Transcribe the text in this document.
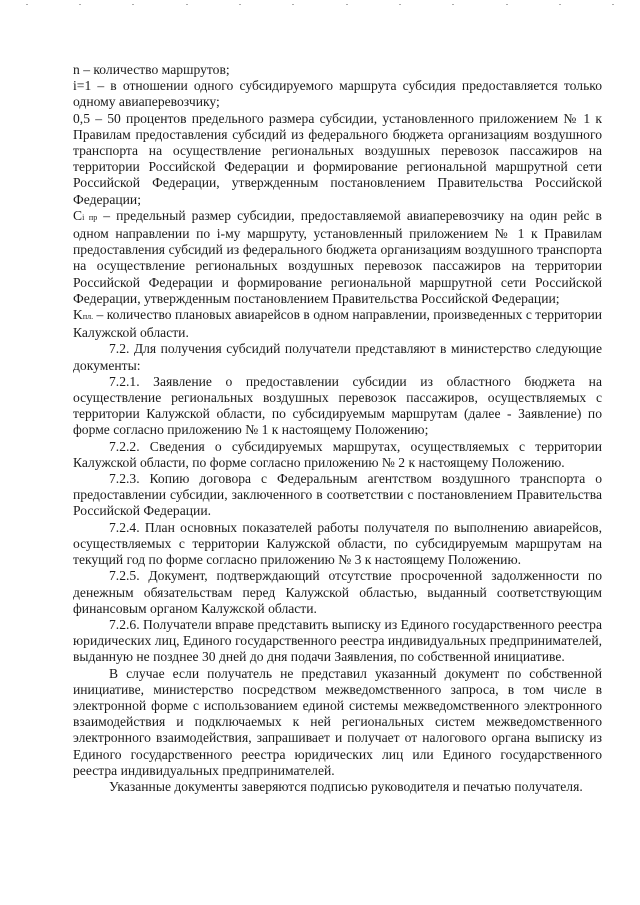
n – количество маршрутов;

i=1 – в отношении одного субсидируемого маршрута субсидия предоставляется только одному авиаперевозчику;

0,5 – 50 процентов предельного размера субсидии, установленного приложением № 1 к Правилам предоставления субсидий из федерального бюджета организациям воздушного транспорта на осуществление региональных воздушных перевозок пассажиров на территории Российской Федерации и формирование региональной маршрутной сети Российской Федерации, утвержденным постановлением Правительства Российской Федерации;

Ci пр – предельный размер субсидии, предоставляемой авиаперевозчику на один рейс в одном направлении по i-му маршруту, установленный приложением № 1 к Правилам предоставления субсидий из федерального бюджета организациям воздушного транспорта на осуществление региональных воздушных перевозок пассажиров на территории Российской Федерации и формирование региональной маршрутной сети Российской Федерации, утвержденным постановлением Правительства Российской Федерации;

Kпл. – количество плановых авиарейсов в одном направлении, произведенных с территории Калужской области.

7.2. Для получения субсидий получатели представляют в министерство следующие документы:

7.2.1. Заявление о предоставлении субсидии из областного бюджета на осуществление региональных воздушных перевозок пассажиров, осуществляемых с территории Калужской области, по субсидируемым маршрутам (далее - Заявление) по форме согласно приложению № 1 к настоящему Положению;

7.2.2. Сведения о субсидируемых маршрутах, осуществляемых с территории Калужской области, по форме согласно приложению № 2 к настоящему Положению.

7.2.3. Копию договора с Федеральным агентством воздушного транспорта о предоставлении субсидии, заключенного в соответствии с постановлением Правительства Российской Федерации.

7.2.4. План основных показателей работы получателя по выполнению авиарейсов, осуществляемых с территории Калужской области, по субсидируемым маршрутам на текущий год по форме согласно приложению № 3 к настоящему Положению.

7.2.5. Документ, подтверждающий отсутствие просроченной задолженности по денежным обязательствам перед Калужской областью, выданный соответствующим финансовым органом Калужской области.

7.2.6. Получатели вправе представить выписку из Единого государственного реестра юридических лиц, Единого государственного реестра индивидуальных предпринимателей, выданную не позднее 30 дней до дня подачи Заявления, по собственной инициативе.

В случае если получатель не представил указанный документ по собственной инициативе, министерство посредством межведомственного запроса, в том числе в электронной форме с использованием единой системы межведомственного электронного взаимодействия и подключаемых к ней региональных систем межведомственного электронного взаимодействия, запрашивает и получает от налогового органа выписку из Единого государственного реестра юридических лиц или Единого государственного реестра индивидуальных предпринимателей.

Указанные документы заверяются подписью руководителя и печатью получателя.
